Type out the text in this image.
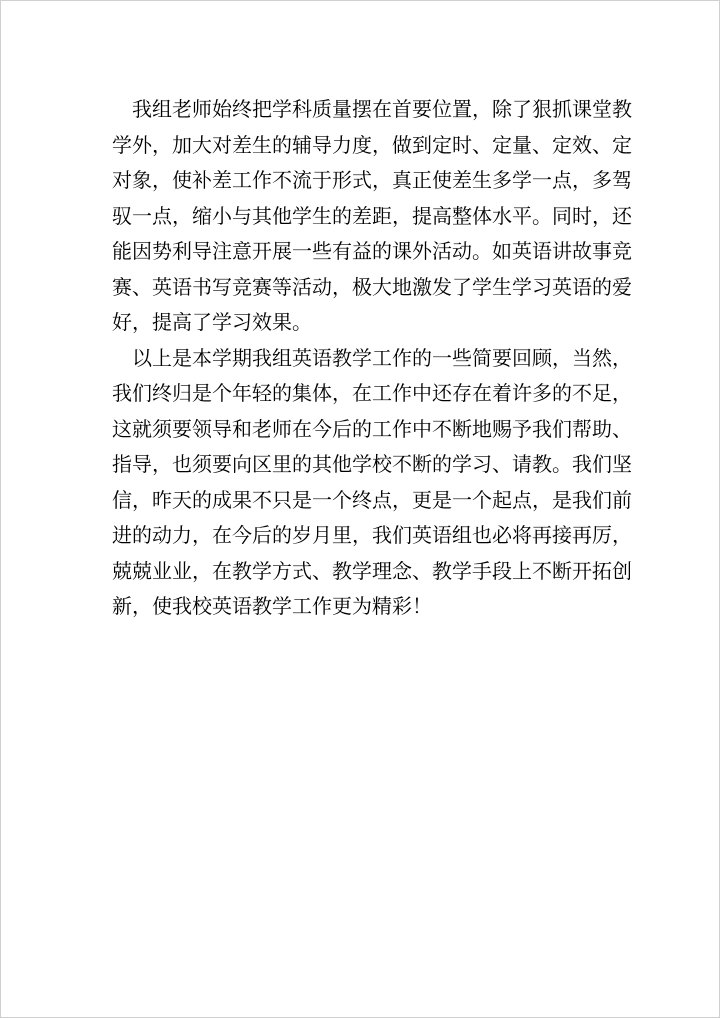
　我组老师始终把学科质量摆在首要位置，除了狠抓课堂教
学外，加大对差生的辅导力度，做到定时、定量、定效、定
对象，使补差工作不流于形式，真正使差生多学一点，多驾
驭一点，缩小与其他学生的差距，提高整体水平。同时，还
能因势利导注意开展一些有益的课外活动。如英语讲故事竞
赛、英语书写竞赛等活动，极大地激发了学生学习英语的爱
好，提高了学习效果。
　以上是本学期我组英语教学工作的一些简要回顾，当然，
我们终归是个年轻的集体，在工作中还存在着许多的不足，
这就须要领导和老师在今后的工作中不断地赐予我们帮助、
指导，也须要向区里的其他学校不断的学习、请教。我们坚
信，昨天的成果不只是一个终点，更是一个起点，是我们前
进的动力，在今后的岁月里，我们英语组也必将再接再厉，
兢兢业业，在教学方式、教学理念、教学手段上不断开拓创
新，使我校英语教学工作更为精彩！
